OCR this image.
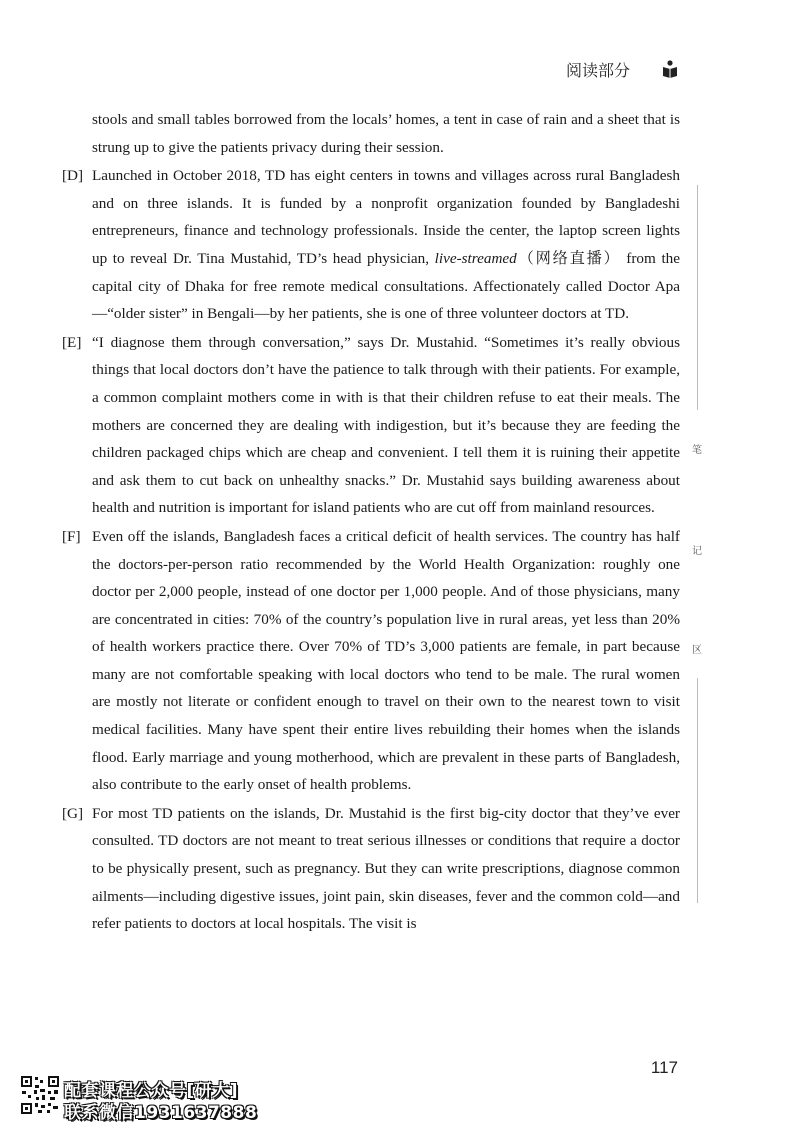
阅读部分

stools and small tables borrowed from the locals’ homes, a tent in case of rain and a sheet that is strung up to give the patients privacy during their session.

[D] Launched in October 2018, TD has eight centers in towns and villages across rural Bangladesh and on three islands. It is funded by a nonprofit organization founded by Bangladeshi entrepreneurs, finance and technology professionals. Inside the center, the laptop screen lights up to reveal Dr. Tina Mustahid, TD’s head physician, live-streamed（网络直播） from the capital city of Dhaka for free remote medical consultations. Affectionately called Doctor Apa—“older sister” in Bengali—by her patients, she is one of three volunteer doctors at TD.
[E] “I diagnose them through conversation,” says Dr. Mustahid. “Sometimes it’s really obvious things that local doctors don’t have the patience to talk through with their patients. For example, a common complaint mothers come in with is that their children refuse to eat their meals. The mothers are concerned they are dealing with indigestion, but it’s because they are feeding the children packaged chips which are cheap and convenient. I tell them it is ruining their appetite and ask them to cut back on unhealthy snacks.” Dr. Mustahid says building awareness about health and nutrition is important for island patients who are cut off from mainland resources.
[F] Even off the islands, Bangladesh faces a critical deficit of health services. The country has half the doctors-per-person ratio recommended by the World Health Organization: roughly one doctor per 2,000 people, instead of one doctor per 1,000 people. And of those physicians, many are concentrated in cities: 70% of the country’s population live in rural areas, yet less than 20% of health workers practice there. Over 70% of TD’s 3,000 patients are female, in part because many are not comfortable speaking with local doctors who tend to be male. The rural women are mostly not literate or confident enough to travel on their own to the nearest town to visit medical facilities. Many have spent their entire lives rebuilding their homes when the islands flood. Early marriage and young motherhood, which are prevalent in these parts of Bangladesh, also contribute to the early onset of health problems.
[G] For most TD patients on the islands, Dr. Mustahid is the first big-city doctor that they’ve ever consulted. TD doctors are not meant to treat serious illnesses or conditions that require a doctor to be physically present, such as pregnancy. But they can write prescriptions, diagnose common ailments—including digestive issues, joint pain, skin diseases, fever and the common cold—and refer patients to doctors at local hospitals. The visit is
笔
记
区
117
配套课程公众号[研大]
联系微信1931637888
